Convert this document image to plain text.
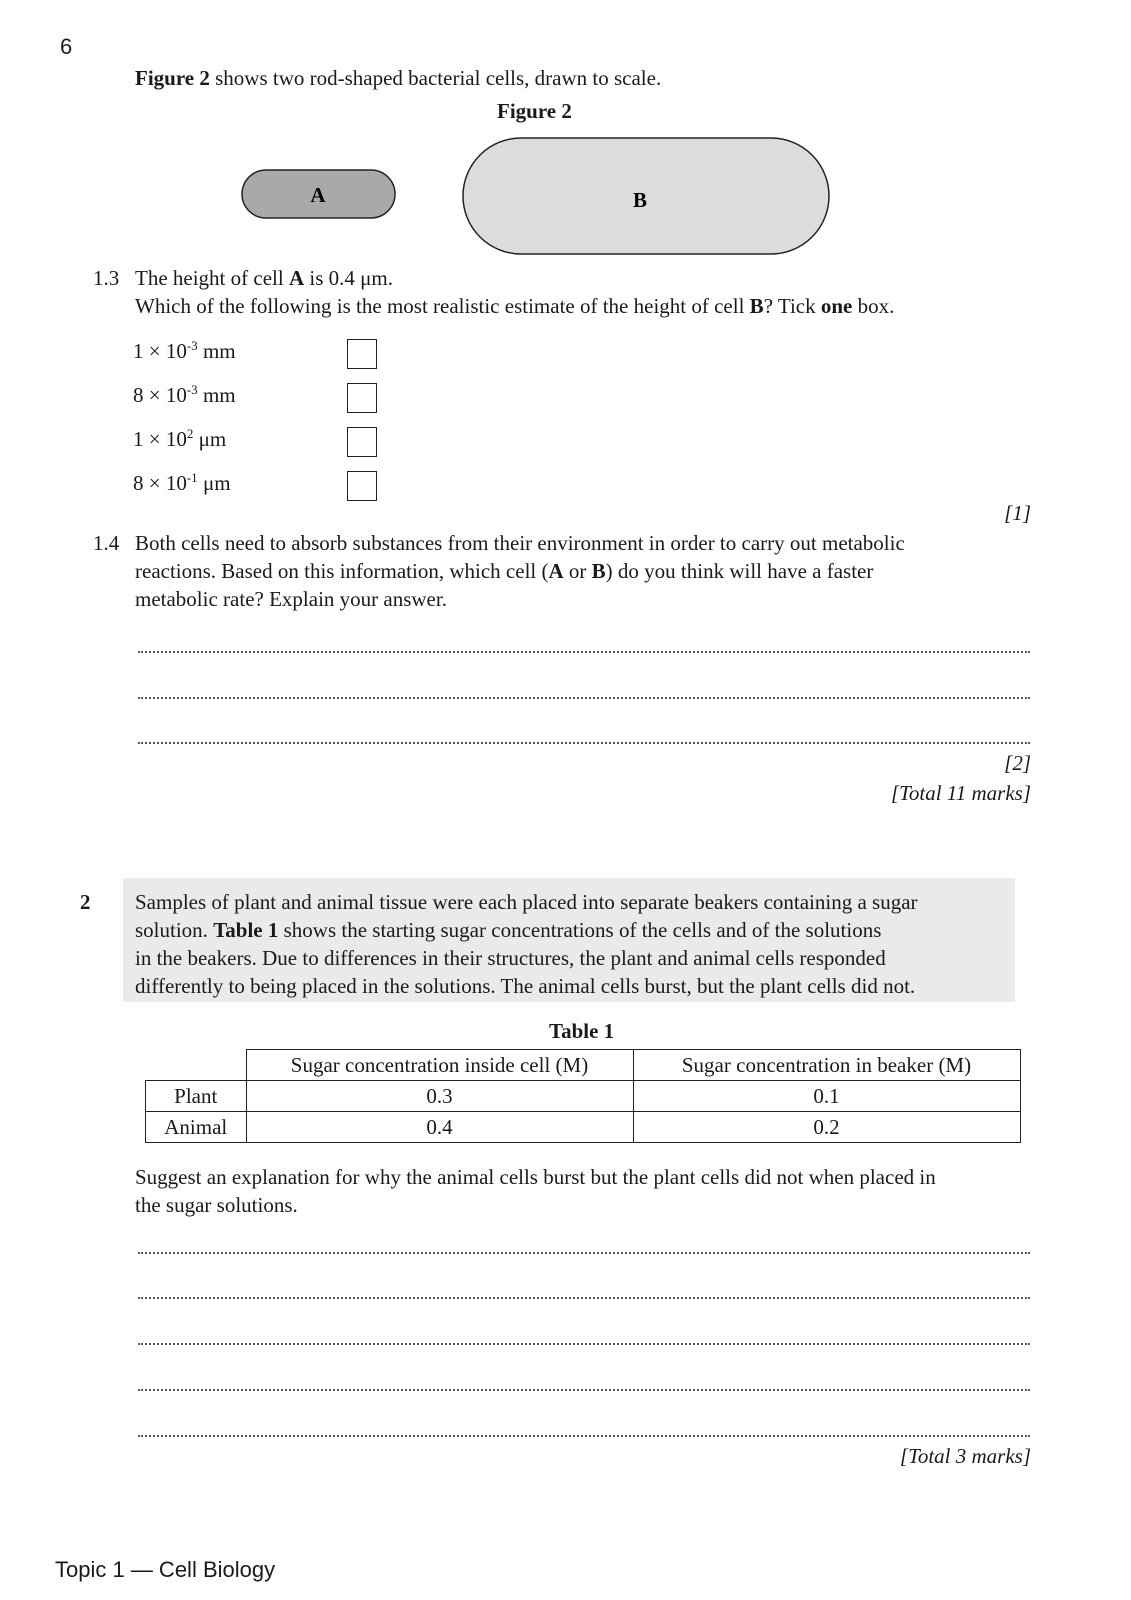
6
Figure 2 shows two rod-shaped bacterial cells, drawn to scale.
Figure 2
A	B
1.3 The height of cell A is 0.4 μm.
Which of the following is the most realistic estimate of the height of cell B? Tick one box.
$1 \times 10^{-3}$ mm
$8 \times 10^{-3}$ mm
$1 \times 10^2$ μm
$8 \times 10^{-1}$ μm
[1]
1.4 Both cells need to absorb substances from their environment in order to carry out metabolic
reactions. Based on this information, which cell (A or B) do you think will have a faster
metabolic rate? Explain your answer.
[2]
[Total 11 marks]
2 Samples of plant and animal tissue were each placed into separate beakers containing a sugar
solution. Table 1 shows the starting sugar concentrations of the cells and of the solutions
in the beakers. Due to differences in their structures, the plant and animal cells responded
differently to being placed in the solutions. The animal cells burst, but the plant cells did not.
Table 1
	Sugar concentration inside cell (M)	Sugar concentration in beaker (M)
Plant	0.3	0.1
Animal	0.4	0.2
Suggest an explanation for why the animal cells burst but the plant cells did not when placed in
the sugar solutions.
[Total 3 marks]
Topic 1 — Cell Biology
